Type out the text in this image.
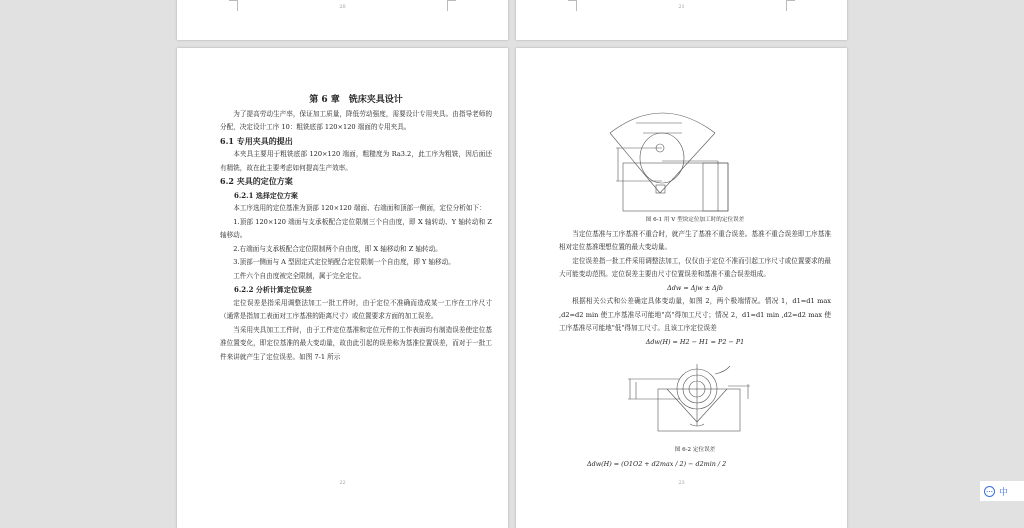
20	21
第 6 章　铣床夹具设计

为了提高劳动生产率，保证加工质量，降低劳动强度，需要设计专用夹具。由指导老师的分配，决定设计工序 10：粗铣底部 120×120 端面的专用夹具。

6.1 专用夹具的提出

本夹具主要用于粗铣底部 120×120 端面，粗糙度为 Ra3.2，此工序为粗铣，因后面还有精铣，故在此主要考虑如何提高生产效率。

6.2 夹具的定位方案
6.2.1 选择定位方案

本工序选用的定位基准为顶部 120×120 端面、右端面和顶部一侧面，定位分析如下：

1.顶部 120×120 端面与支承板配合定位限制三个自由度，即 X 轴转动、Y 轴转动和 Z 轴移动。

2.右端面与支承板配合定位限制两个自由度，即 X 轴移动和 Z 轴转动。

3.顶部一侧面与 A 型固定式定位销配合定位限制一个自由度，即 Y 轴移动。

工件六个自由度被完全限制，属于完全定位。

6.2.2 分析计算定位误差

定位误差是指采用调整法加工一批工件时，由于定位不准确而造成某一工序在工序尺寸（通常是指加工表面对工序基准的距离尺寸）或位置要求方面的加工误差。

当采用夹具加工工件时，由于工件定位基准和定位元件的工作表面均有制造误差使定位基准位置变化，即定位基准的最大变动量，故由此引起的误差称为基准位置误差，而对于一批工件来讲就产生了定位误差。如图 7-1 所示

22
图 6-1 用 V 型块定位加工时的定位误差

当定位基准与工序基准不重合时，就产生了基准不重合误差。基准不重合误差即工序基准相对定位基准理想位置的最大变动量。

定位误差指一批工件采用调整法加工，仅仅由于定位不准而引起工序尺寸或位置要求的最大可能变动范围。定位误差主要由尺寸位置误差和基准不重合误差组成。

Δdw = Δjw ± Δjb

根据相关公式和公差确定具体变动量，如图 2，两个极端情况。情况 1，d1=d1 max ,d2=d2 min 使工序基准尽可能地"高"得加工尺寸；情况 2，d1=d1 min ,d2=d2 max 使工序基准尽可能地"低"得加工尺寸。且该工序定位误差

Δdw(H) = H2 − H1 = P2 − P1
图 6-2 定位误差
Δdw(H) = (O1O2 + d2max / 2) − d2min / 2
23
••• 中
